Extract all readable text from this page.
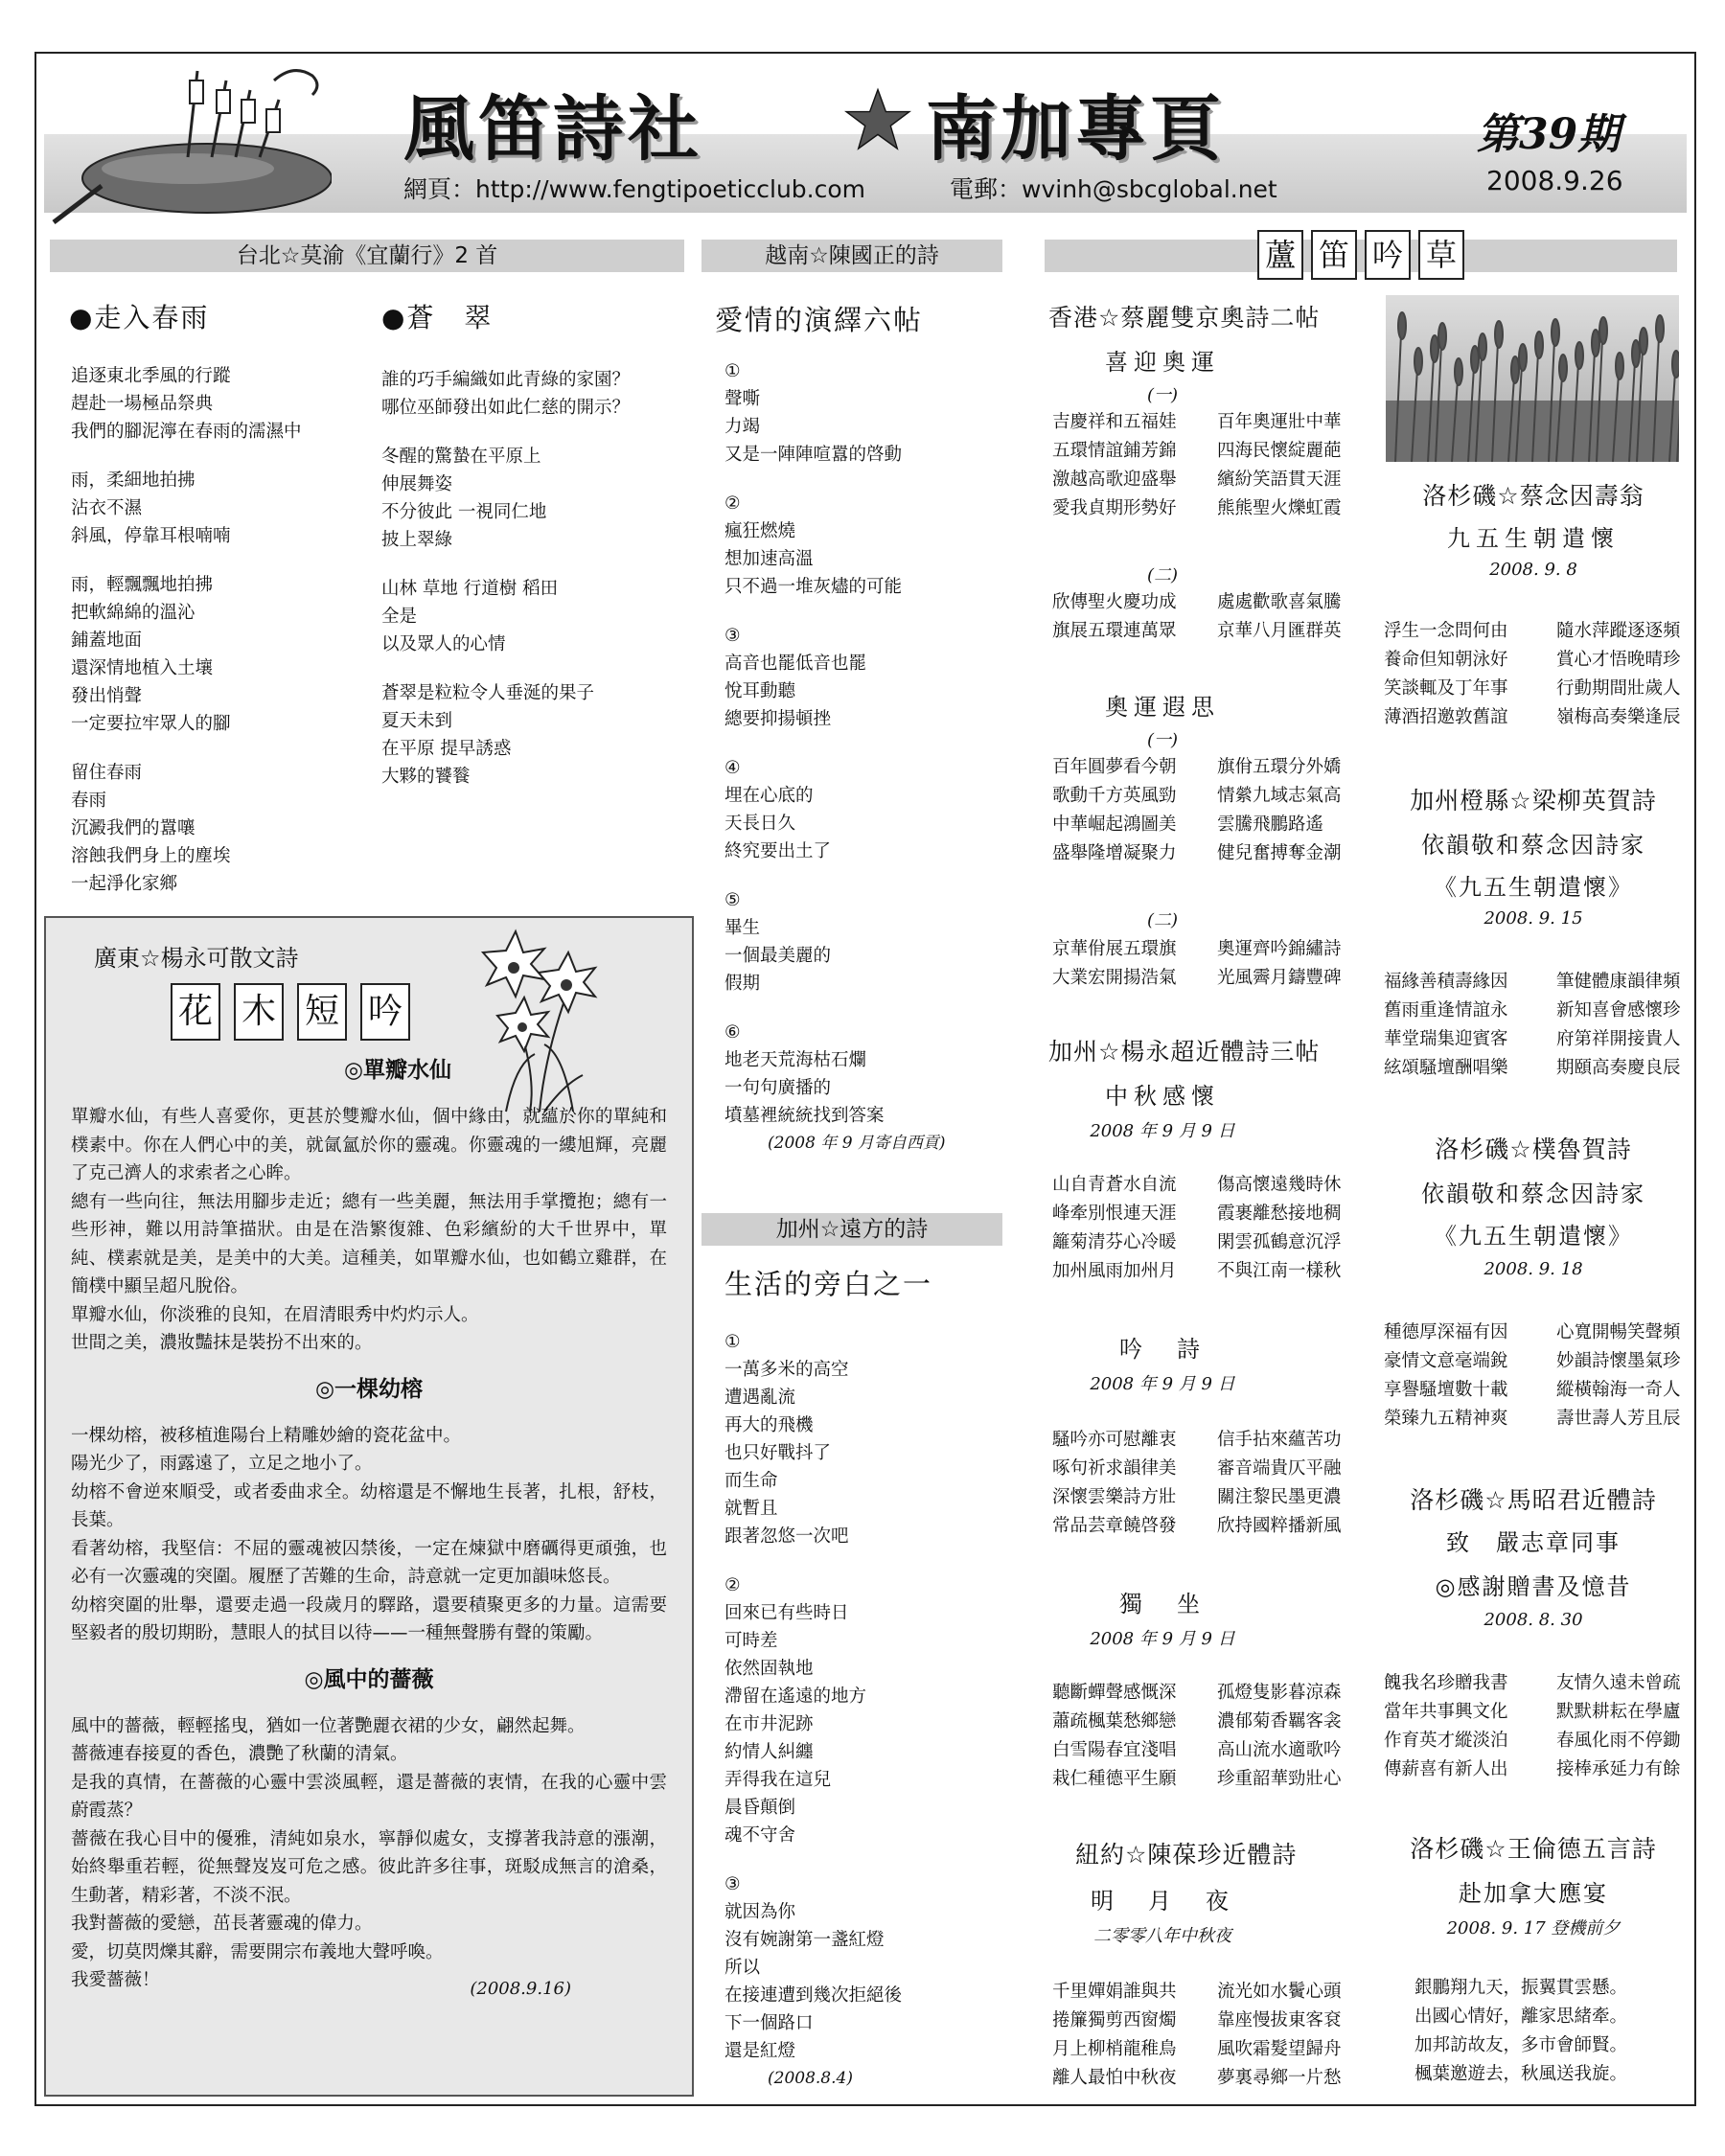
風笛詩社	南加專頁
網頁：http://www.fengtipoeticclub.com	電郵：wvinh@sbcglobal.net
第39期
2008.9.26
台北☆莫渝《宜蘭行》2 首	越南☆陳國正的詩	蘆 笛 吟 草
●走入春雨
追逐東北季風的行蹤
趕赴一場極品祭典
我們的腳泥濘在春雨的濡濕中
雨，柔細地拍拂
沾衣不濕
斜風，停靠耳根喃喃
雨，輕飄飄地拍拂
把軟綿綿的溫沁
鋪蓋地面
還深情地植入土壤
發出悄聲
一定要拉牢眾人的腳
留住春雨
春雨
沉澱我們的囂嚷
溶蝕我們身上的塵埃
一起淨化家鄉
●蒼　翠
誰的巧手編織如此青綠的家園？
哪位巫師發出如此仁慈的開示？
冬醒的驚蟄在平原上
伸展舞姿
不分彼此 一視同仁地
披上翠綠
山林 草地 行道樹 稻田
全是
以及眾人的心情
蒼翠是粒粒令人垂涎的果子
夏天未到
在平原 提早誘惑
大夥的饕餮
廣東☆楊永可散文詩
花 木 短 吟
◎單瓣水仙

單瓣水仙，有些人喜愛你，更甚於雙瓣水仙，個中緣由，就蘊於你的單純和樸素中。你在人們心中的美，就氤氳於你的靈魂。你靈魂的一縷旭輝，亮麗了克己濟人的求索者之心眸。

總有一些向往，無法用腳步走近；總有一些美麗，無法用手掌攬抱；總有一些形神，難以用詩筆描狀。由是在浩繁復雜、色彩繽紛的大千世界中，單純、樸素就是美，是美中的大美。這種美，如單瓣水仙，也如鶴立雞群，在簡樸中顯呈超凡脫俗。

單瓣水仙，你淡雅的良知，在眉清眼秀中灼灼示人。

世間之美，濃妝豔抹是裝扮不出來的。

◎一棵幼榕

一棵幼榕，被移植進陽台上精雕妙繪的瓷花盆中。

陽光少了，雨露遠了，立足之地小了。

幼榕不會逆來順受，或者委曲求全。幼榕還是不懈地生長著，扎根，舒枝，長葉。

看著幼榕，我堅信：不屈的靈魂被囚禁後，一定在煉獄中磨礪得更頑強，也必有一次靈魂的突圍。履歷了苦難的生命，詩意就一定更加韻味悠長。

幼榕突圍的壯舉，還要走過一段歲月的驛路，還要積聚更多的力量。這需要堅毅者的殷切期盼，慧眼人的拭目以待——一種無聲勝有聲的策勵。

◎風中的薔薇

風中的薔薇，輕輕搖曳，猶如一位著艷麗衣裙的少女，翩然起舞。

薔薇連春接夏的香色，濃艷了秋蘭的清氣。

是我的真情，在薔薇的心靈中雲淡風輕，還是薔薇的衷情，在我的心靈中雲蔚霞蒸？

薔薇在我心目中的優雅，清純如泉水，寧靜似處女，支撐著我詩意的漲潮，始終舉重若輕，從無聲岌岌可危之感。彼此許多往事，斑駁成無言的滄桑，生動著，精彩著，不淡不泯。

我對薔薇的愛戀，茁長著靈魂的偉力。

愛，切莫閃爍其辭，需要開宗布義地大聲呼喚。

我愛薔薇！	(2008.9.16)
愛情的演繹六帖
①
聲嘶
力竭
又是一陣陣喧囂的啓動
②
瘋狂燃燒
想加速高溫
只不過一堆灰燼的可能
③
高音也罷低音也罷
悅耳動聽
總要抑揚頓挫
④
埋在心底的
天長日久
終究要出土了
⑤
畢生
一個最美麗的
假期
⑥
地老天荒海枯石爛
一句句廣播的
墳墓裡統統找到答案
(2008 年 9 月寄自西貢)
加州☆遠方的詩
生活的旁白之一
①
一萬多米的高空
遭遇亂流
再大的飛機
也只好戰抖了
而生命
就暫且
跟著忽悠一次吧
②
回來已有些時日
可時差
依然固執地
滯留在遙遠的地方
在市井泥跡
約情人糾纏
弄得我在這兒
晨昏顛倒
魂不守舍
③
就因為你
沒有婉謝第一盞紅燈
所以
在接連遭到幾次拒絕後
下一個路口
還是紅燈
(2008.8.4)
香港☆蔡麗雙京奧詩二帖
喜迎奧運
(一)
吉慶祥和五福娃 百年奧運壯中華
五環情誼鋪芳錦 四海民懷綻麗葩
激越高歌迎盛舉 繽紛笑語貫天涯
愛我貞期形勢好 熊熊聖火爍虹霞
(二)
欣傳聖火慶功成 處處歡歌喜氣騰
旗展五環連萬眾 京華八月匯群英
奧運遐思
(一)
百年圓夢看今朝 旗佾五環分外嬌
歌動千方英風勁 情縈九域志氣高
中華崛起鴻圖美 雲騰飛鵬路遙
盛舉隆增凝聚力 健兒奮搏奪金潮
(二)
京華佾展五環旗 奧運齊吟錦繡詩
大業宏開揚浩氣 光風霽月鑄豐碑
加州☆楊永超近體詩三帖
中秋感懷
2008 年 9 月 9 日
山自青蒼水自流 傷高懷遠幾時休
峰牽別恨連天涯 霞裹離愁接地稠
籬菊清芬心冷暖 閑雲孤鶴意沉浮
加州風雨加州月 不與江南一樣秋
吟　詩
2008 年 9 月 9 日
騷吟亦可慰離衷 信手拈來蘊苦功
啄句祈求韻律美 審音端貴仄平融
深懷雲樂詩方壯 關注黎民墨更濃
常品芸章饒啓發 欣持國粹播新風
獨　坐
2008 年 9 月 9 日
聽斷蟬聲感慨深 孤燈隻影暮涼森
蕭疏楓葉愁鄉戀 濃郁菊香羈客衾
白雪陽春宜淺唱 高山流水適歌吟
栽仁種德平生願 珍重韶華勁壯心
紐約☆陳葆珍近體詩
明　月　夜
二零零八年中秋夜
千里嬋娟誰與共 流光如水鬢心頭
捲簾獨剪西窗燭 靠座慢拔東客袞
月上柳梢龍稚鳥 風吹霜髮望歸舟
離人最怕中秋夜 夢裏尋鄉一片愁
洛杉磯☆蔡念因壽翁
九五生朝遣懷
2008. 9. 8
浮生一念問何由	隨水萍蹤逐逐頻
養命但知朝泳好	賞心才悟晚晴珍
笑談輒及丁年事	行動期間壯歲人
薄酒招邀敦舊誼	嶺梅高奏樂逢辰
加州橙縣☆梁柳英賀詩
依韻敬和蔡念因詩家
《九五生朝遣懷》
2008. 9. 15
福緣善積壽緣因	筆健體康韻律頻
舊雨重逢情誼永	新知喜會感懷珍
華堂瑞集迎賓客	府第祥開接貴人
絃頌騷壇酬唱樂	期頤高奏慶良辰
洛杉磯☆樸魯賀詩
依韻敬和蔡念因詩家
《九五生朝遣懷》
2008. 9. 18
種德厚深福有因	心寬開暢笑聲頻
豪情文意毫端銳	妙韻詩懷墨氣珍
享譽騷壇數十載	縱橫翰海一奇人
榮臻九五精神爽	壽世壽人芳且辰
洛杉磯☆馬昭君近體詩
致　嚴志章同事
◎感謝贈書及憶昔
2008. 8. 30
餽我名珍贈我書	友情久遠未曾疏
當年共事興文化	默默耕耘在學廬
作育英才縱淡泊	春風化雨不停鋤
傳薪喜有新人出	接棒承延力有餘
洛杉磯☆王倫德五言詩
赴加拿大應宴
2008. 9. 17 登機前夕
銀鵬翔九天，振翼貫雲懸。
出國心情好，離家思緒牽。
加邦訪故友，多市會師賢。
楓葉邀遊去，秋風送我旋。
